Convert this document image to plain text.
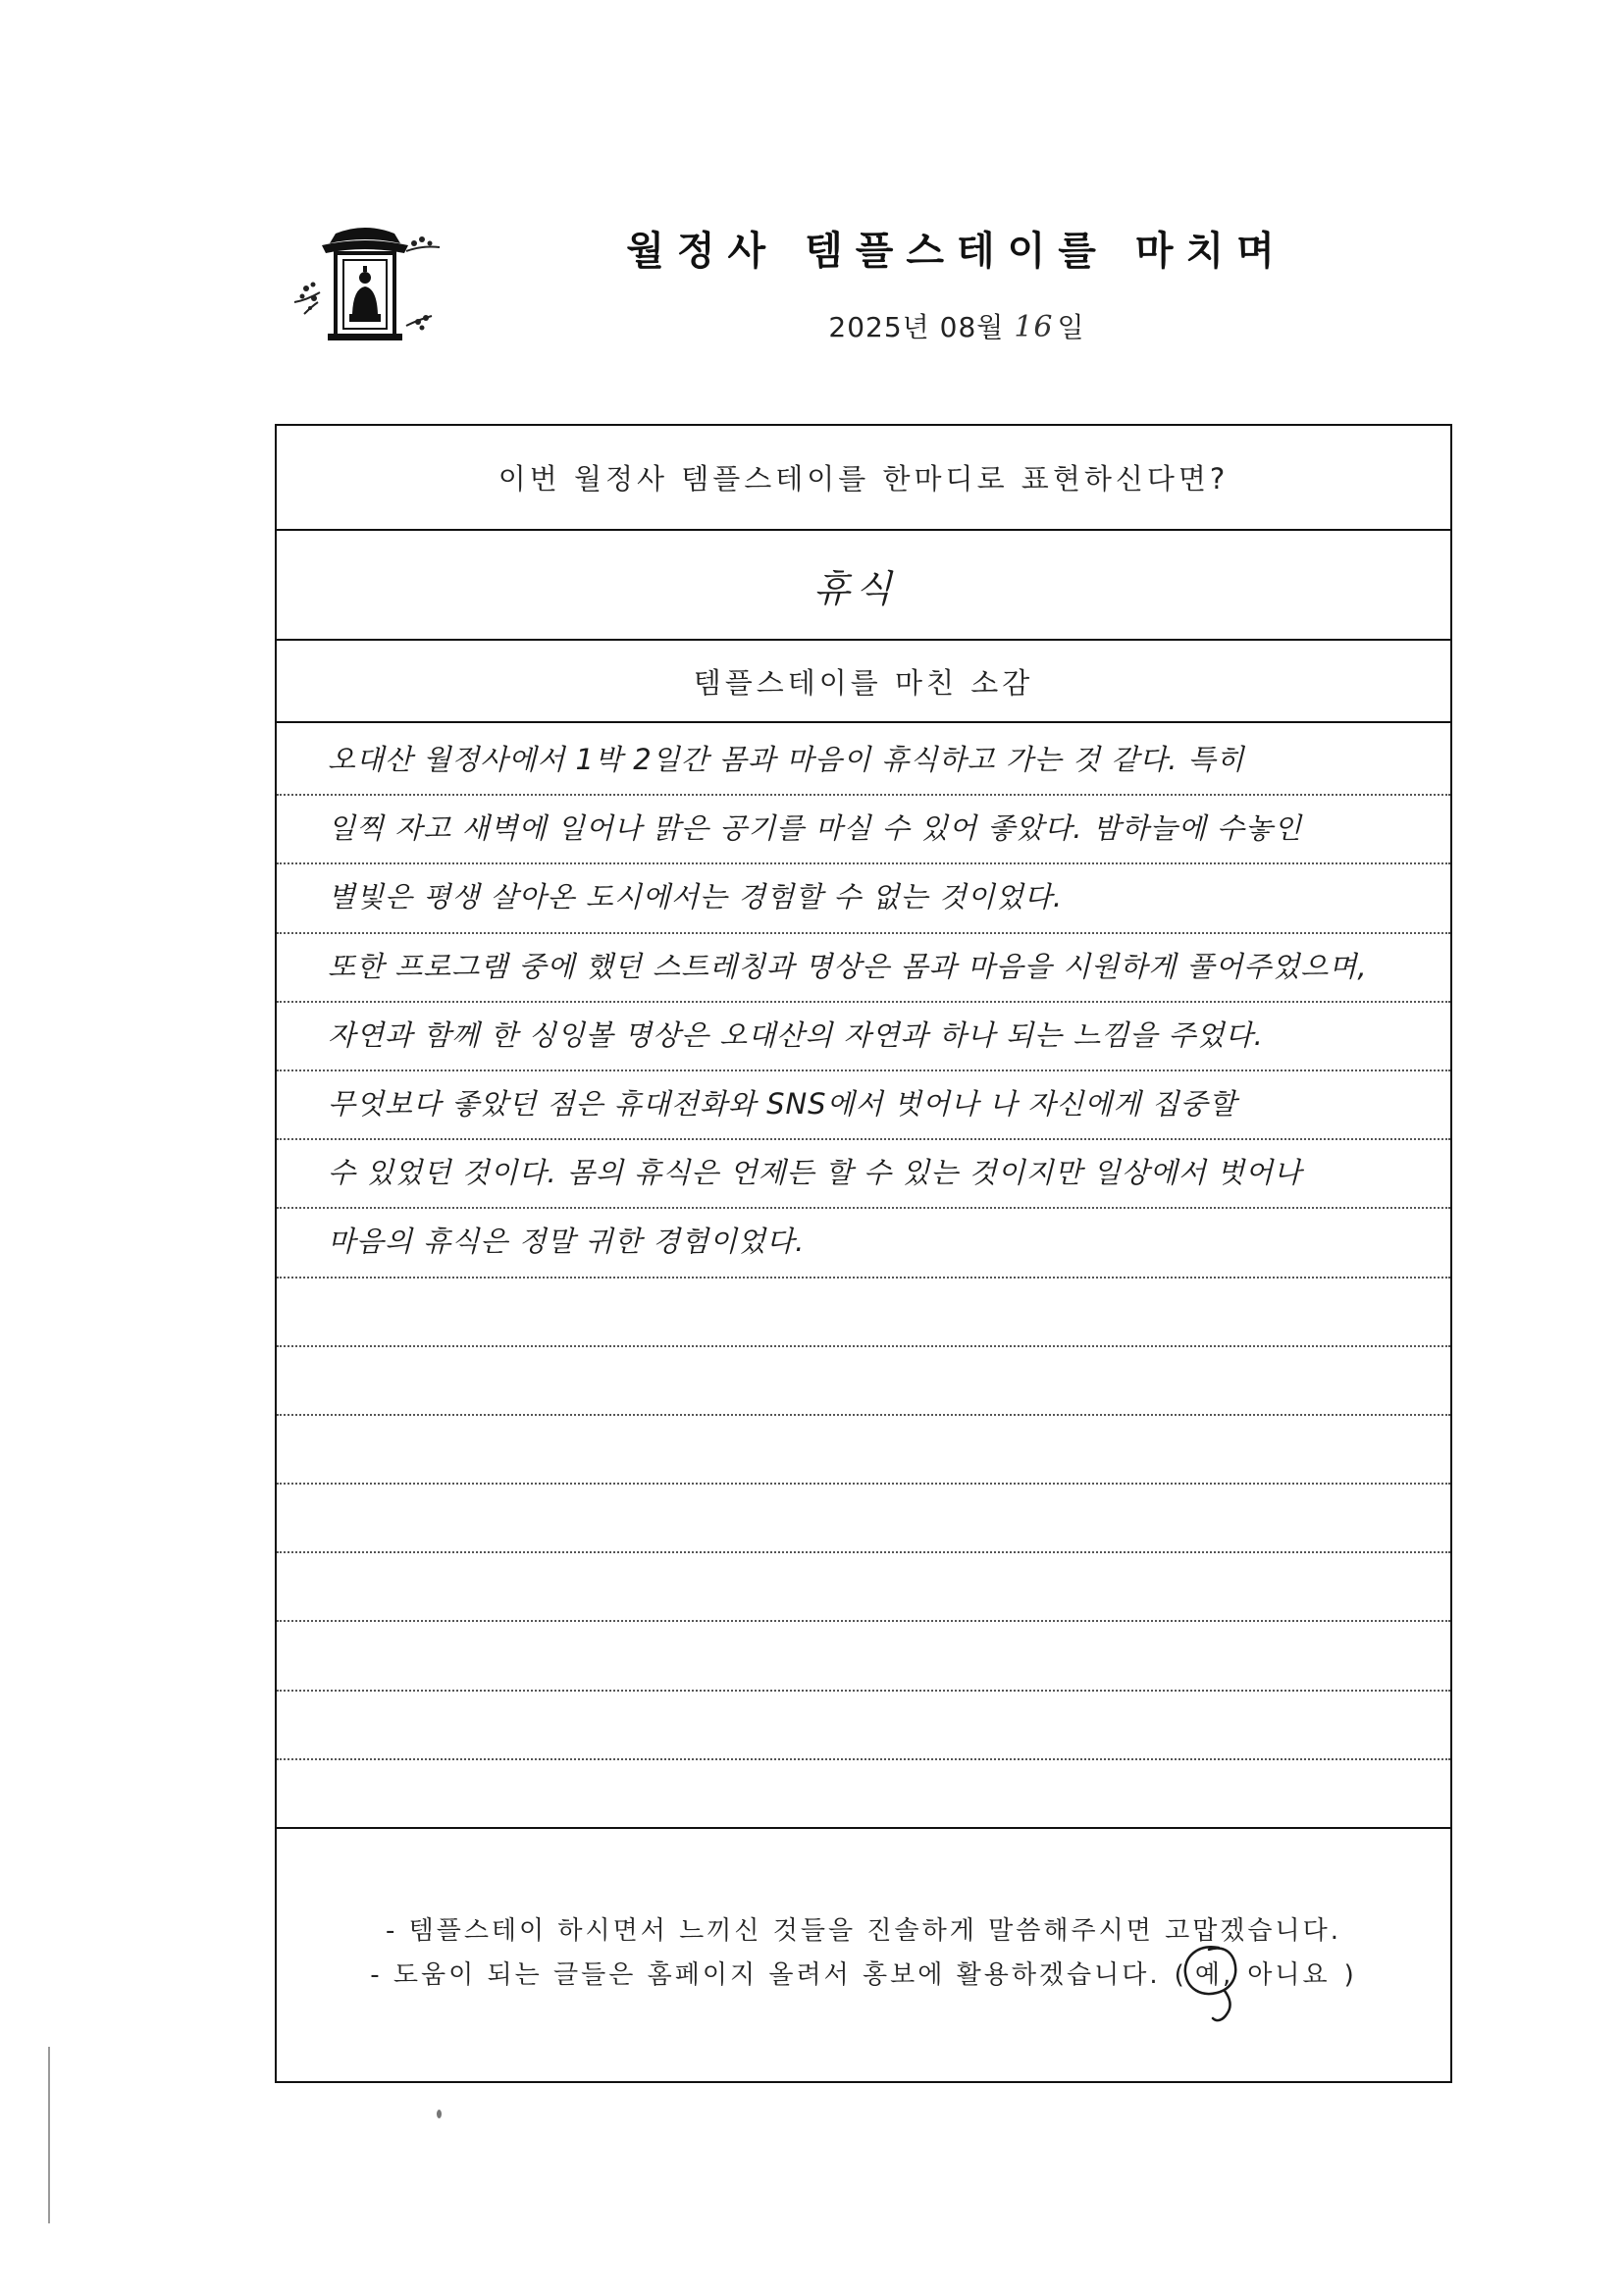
월정사 템플스테이를 마치며
2025년 08월 16 일
이번 월정사 템플스테이를 한마디로 표현하신다면?
휴식
템플스테이를 마친 소감
오대산 월정사에서 1박 2일간 몸과 마음이 휴식하고 가는 것 같다. 특히
일찍 자고 새벽에 일어나 맑은 공기를 마실 수 있어 좋았다. 밤하늘에 수놓인
별빛은 평생 살아온 도시에서는 경험할 수 없는 것이었다.
또한 프로그램 중에 했던 스트레칭과 명상은 몸과 마음을 시원하게 풀어주었으며,
자연과 함께 한 싱잉볼 명상은 오대산의 자연과 하나 되는 느낌을 주었다.
무엇보다 좋았던 점은 휴대전화와 SNS에서 벗어나 나 자신에게 집중할
수 있었던 것이다. 몸의 휴식은 언제든 할 수 있는 것이지만 일상에서 벗어나
마음의 휴식은 정말 귀한 경험이었다.
- 템플스테이 하시면서 느끼신 것들을 진솔하게 말씀해주시면 고맙겠습니다.
- 도움이 되는 글들은 홈페이지 올려서 홍보에 활용하겠습니다. ( 예
, 아니요 )
